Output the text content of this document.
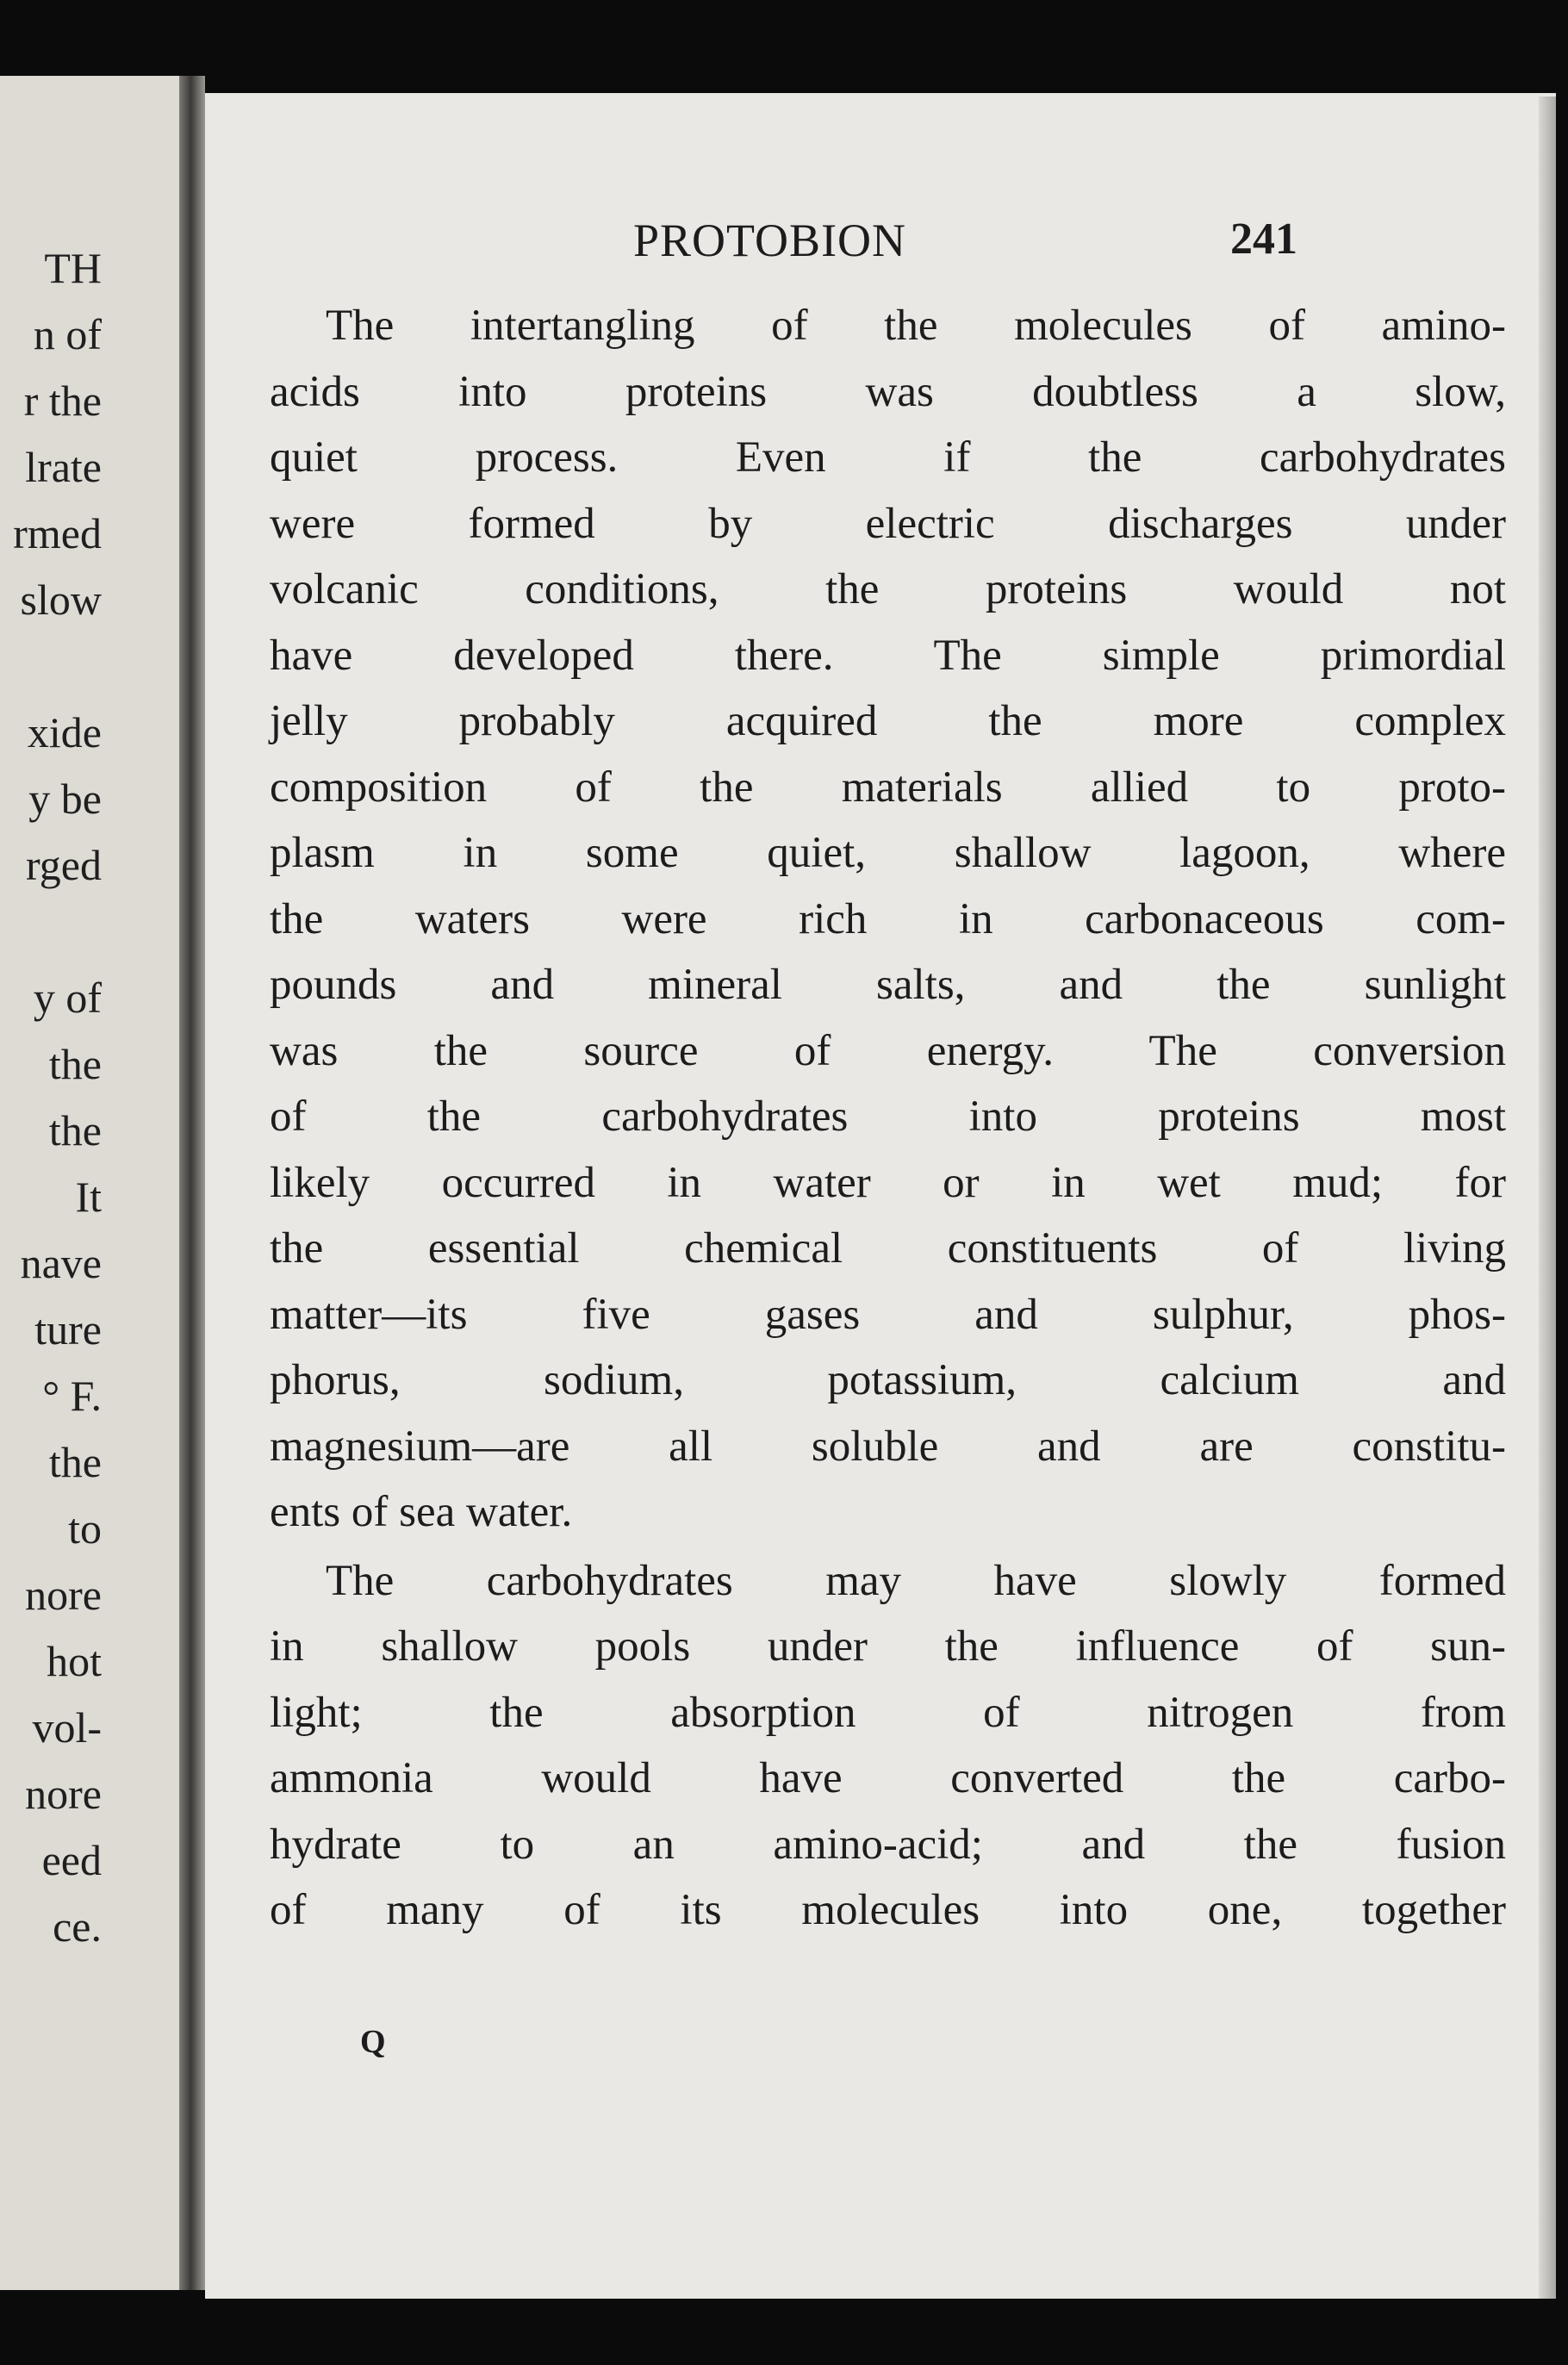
TH
n of
r the
lrate
rmed
slow
xide
y be
rged
y of
the
the
It
nave
ture
° F.
the
to
nore
hot
vol-
nore
eed
ce.
PROTOBION	241
The intertangling of the molecules of amino-
acids into proteins was doubtless a slow,
quiet process. Even if the carbohydrates
were formed by electric discharges under
volcanic conditions, the proteins would not
have developed there. The simple primordial
jelly probably acquired the more complex
composition of the materials allied to proto-
plasm in some quiet, shallow lagoon, where
the waters were rich in carbonaceous com-
pounds and mineral salts, and the sunlight
was the source of energy. The conversion
of the carbohydrates into proteins most
likely occurred in water or in wet mud; for
the essential chemical constituents of living
matter—its five gases and sulphur, phos-
phorus, sodium, potassium, calcium and
magnesium—are all soluble and are constitu-
ents of sea water.
The carbohydrates may have slowly formed
in shallow pools under the influence of sun-
light; the absorption of nitrogen from
ammonia would have converted the carbo-
hydrate to an amino-acid; and the fusion
of many of its molecules into one, together
Q
